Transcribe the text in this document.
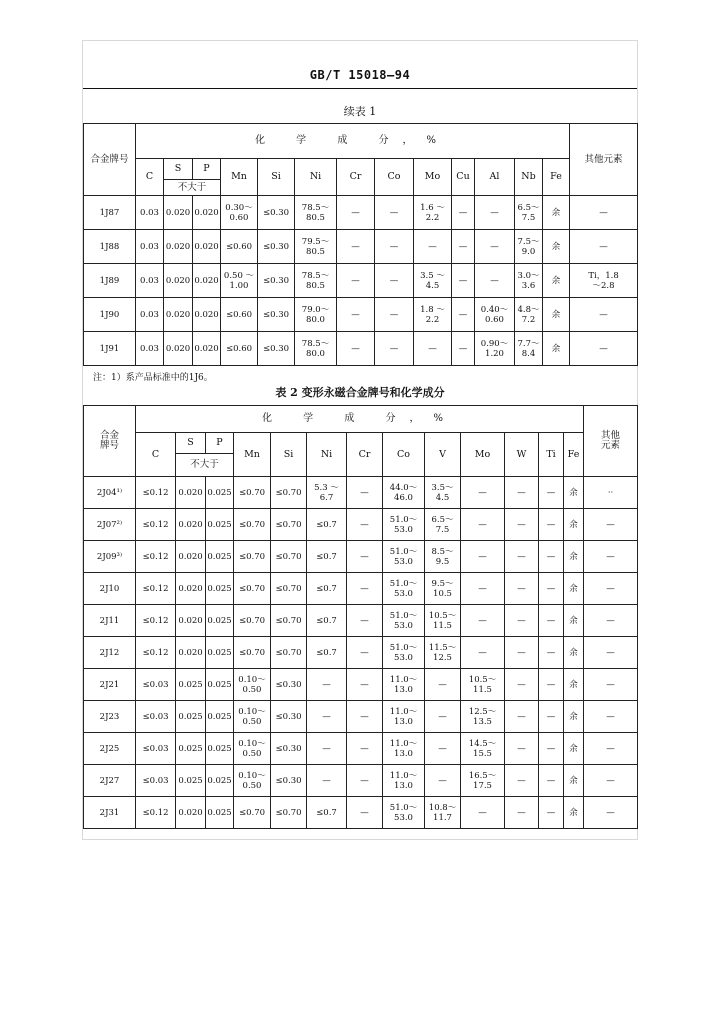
GB/T 15018—94
续表 1
合金牌号	化 学 成 分，%													其他元素

	C	S	P	Mn	Si	Ni	Cr	Co	Mo	Cu	Al	Nb	Fe	

		不大于												

1J87	0.03	0.020	0.020	0.30～
0.60	≤0.30	78.5～
80.5	—	—	1.6 ～
2.2	—	—	6.5～
7.5	余	—

1J88	0.03	0.020	0.020	≤0.60	≤0.30	79.5～
80.5	—	—	—	—	—	7.5～
9.0	余	—

1J89	0.03	0.020	0.020	0.50 ～
1.00	≤0.30	78.5～
80.5	—	—	3.5 ～
4.5	—	—	3.0～
3.6	余	Ti，1.8
～2.8

1J90	0.03	0.020	0.020	≤0.60	≤0.30	79.0～
80.0	—	—	1.8 ～
2.2	—	0.40～
0.60	4.8～
7.2	余	—

1J91	0.03	0.020	0.020	≤0.60	≤0.30	78.5～
80.0	—	—	—	—	0.90～
1.20	7.7～
8.4	余	—
注：1）系产品标准中的1J6。
表 2 变形永磁合金牌号和化学成分
合金
牌号	化 学 成 分，%													其他
元素

	C	S	P	Mn	Si	Ni	Cr	Co	V	Mo	W	Ti	Fe	

		不大于												

2J04¹⁾	≤0.12	0.020	0.025	≤0.70	≤0.70	5.3 ～
6.7	—	44.0～
46.0	3.5～
4.5	—	—	—	余	··

2J07²⁾	≤0.12	0.020	0.025	≤0.70	≤0.70	≤0.7	—	51.0～
53.0	6.5～
7.5	—	—	—	余	—

2J09³⁾	≤0.12	0.020	0.025	≤0.70	≤0.70	≤0.7	—	51.0～
53.0	8.5～
9.5	—	—	—	余	—

2J10	≤0.12	0.020	0.025	≤0.70	≤0.70	≤0.7	—	51.0～
53.0	9.5～
10.5	—	—	—	余	—

2J11	≤0.12	0.020	0.025	≤0.70	≤0.70	≤0.7	—	51.0～
53.0	10.5～
11.5	—	—	—	余	—

2J12	≤0.12	0.020	0.025	≤0.70	≤0.70	≤0.7	—	51.0～
53.0	11.5～
12.5	—	—	—	余	—

2J21	≤0.03	0.025	0.025	0.10～
0.50	≤0.30	—	—	11.0～
13.0	—	10.5～
11.5	—	—	余	—

2J23	≤0.03	0.025	0.025	0.10～
0.50	≤0.30	—	—	11.0～
13.0	—	12.5～
13.5	—	—	余	—

2J25	≤0.03	0.025	0.025	0.10～
0.50	≤0.30	—	—	11.0～
13.0	—	14.5～
15.5	—	—	余	—

2J27	≤0.03	0.025	0.025	0.10～
0.50	≤0.30	—	—	11.0～
13.0	—	16.5～
17.5	—	—	余	—

2J31	≤0.12	0.020	0.025	≤0.70	≤0.70	≤0.7	—	51.0～
53.0	10.8～
11.7	—	—	—	余	—
